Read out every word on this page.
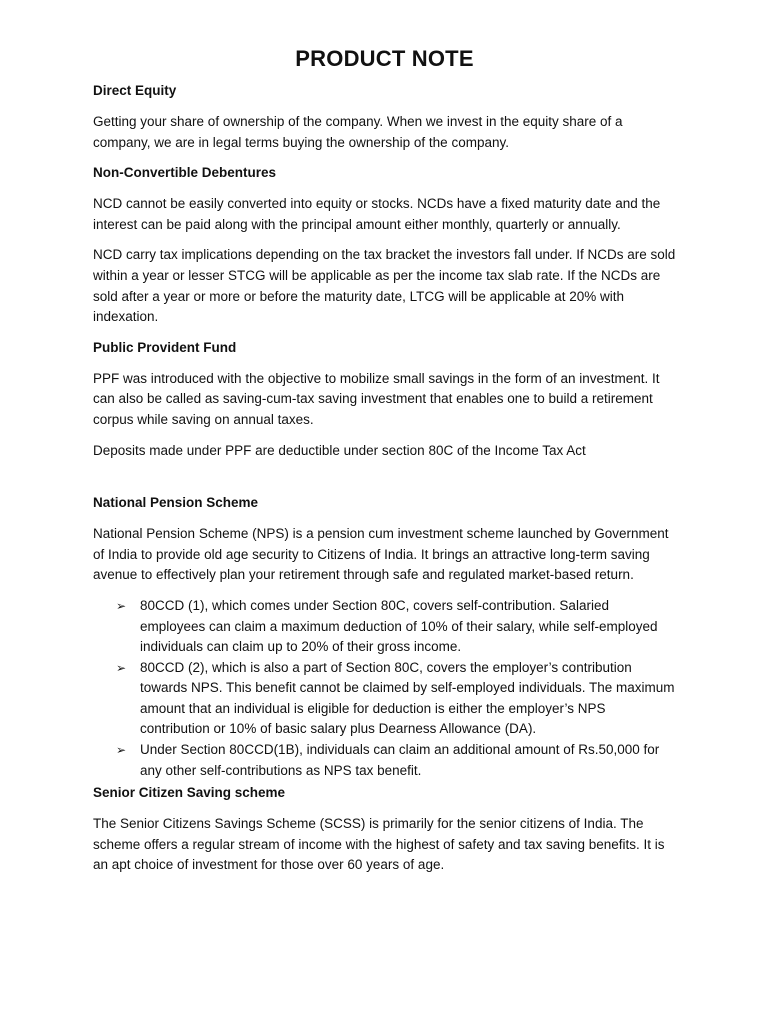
PRODUCT NOTE
Direct Equity

Getting your share of ownership of the company. When we invest in the equity share of a company, we are in legal terms buying the ownership of the company.

Non-Convertible Debentures

NCD cannot be easily converted into equity or stocks. NCDs have a fixed maturity date and the interest can be paid along with the principal amount either monthly, quarterly or annually.

NCD carry tax implications depending on the tax bracket the investors fall under. If NCDs are sold within a year or lesser STCG will be applicable as per the income tax slab rate. If the NCDs are sold after a year or more or before the maturity date, LTCG will be applicable at 20% with indexation.

Public Provident Fund

PPF was introduced with the objective to mobilize small savings in the form of an investment. It can also be called as saving-cum-tax saving investment that enables one to build a retirement corpus while saving on annual taxes.

Deposits made under PPF are deductible under section 80C of the Income Tax Act

National Pension Scheme

National Pension Scheme (NPS) is a pension cum investment scheme launched by Government of India to provide old age security to Citizens of India. It brings an attractive long-term saving avenue to effectively plan your retirement through safe and regulated market-based return.

➢ 80CCD (1), which comes under Section 80C, covers self-contribution. Salaried employees can claim a maximum deduction of 10% of their salary, while self-employed individuals can claim up to 20% of their gross income.
➢ 80CCD (2), which is also a part of Section 80C, covers the employer’s contribution towards NPS. This benefit cannot be claimed by self-employed individuals. The maximum amount that an individual is eligible for deduction is either the employer’s NPS contribution or 10% of basic salary plus Dearness Allowance (DA).
➢ Under Section 80CCD(1B), individuals can claim an additional amount of Rs.50,000 for any other self-contributions as NPS tax benefit.
Senior Citizen Saving scheme

The Senior Citizens Savings Scheme (SCSS) is primarily for the senior citizens of India. The scheme offers a regular stream of income with the highest of safety and tax saving benefits. It is an apt choice of investment for those over 60 years of age.
